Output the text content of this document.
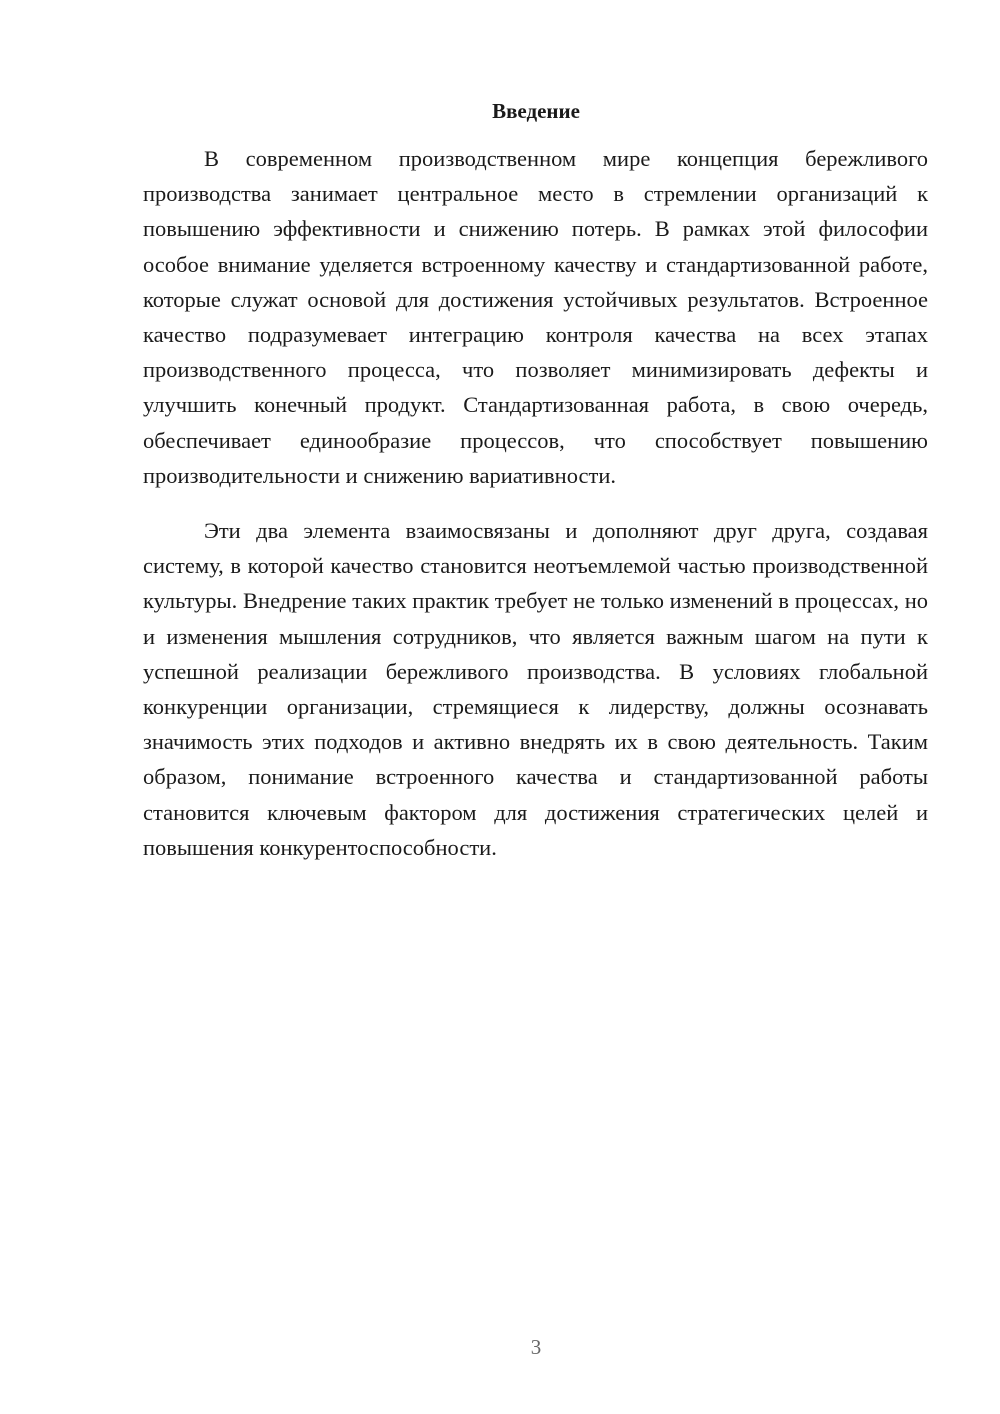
Введение

В современном производственном мире концепция бережливого производства занимает центральное место в стремлении организаций к повышению эффективности и снижению потерь. В рамках этой философии особое внимание уделяется встроенному качеству и стандартизованной работе, которые служат основой для достижения устойчивых результатов. Встроенное качество подразумевает интеграцию контроля качества на всех этапах производственного процесса, что позволяет минимизировать дефекты и улучшить конечный продукт. Стандартизованная работа, в свою очередь, обеспечивает единообразие процессов, что способствует повышению производительности и снижению вариативности.

Эти два элемента взаимосвязаны и дополняют друг друга, создавая систему, в которой качество становится неотъемлемой частью производственной культуры. Внедрение таких практик требует не только изменений в процессах, но и изменения мышления сотрудников, что является важным шагом на пути к успешной реализации бережливого производства. В условиях глобальной конкуренции организации, стремящиеся к лидерству, должны осознавать значимость этих подходов и активно внедрять их в свою деятельность. Таким образом, понимание встроенного качества и стандартизованной работы становится ключевым фактором для достижения стратегических целей и повышения конкурентоспособности.

3
